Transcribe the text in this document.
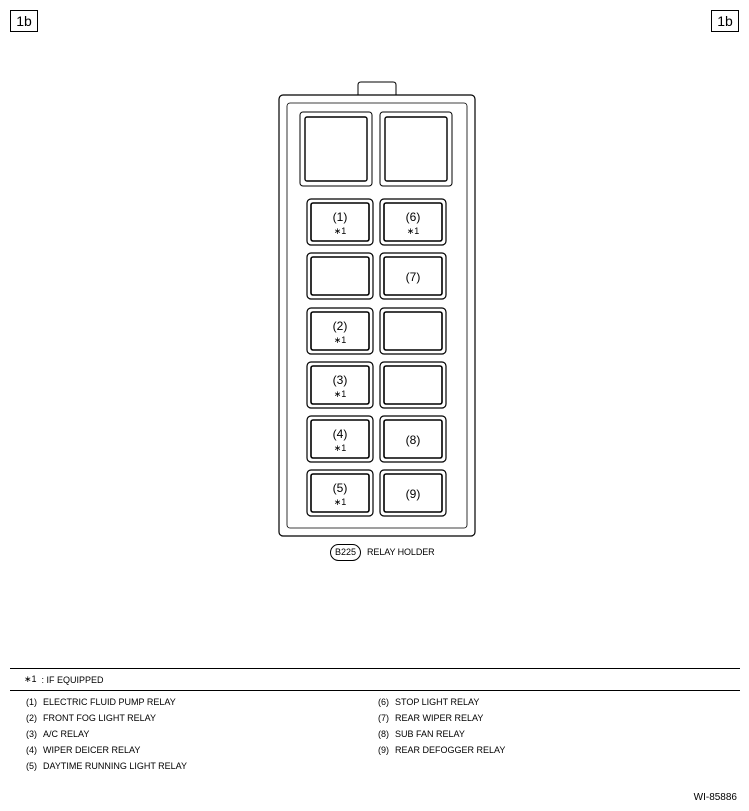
1b	1b
(1)
∗1
(6)
∗1
(7)
(2)
∗1
(3)
∗1
(4)
∗1
(8)
(5)
∗1
(9)
B225	RELAY HOLDER
∗1 : IF EQUIPPED
(1) ELECTRIC FLUID PUMP RELAY
(2) FRONT FOG LIGHT RELAY
(3) A/C RELAY
(4) WIPER DEICER RELAY
(5) DAYTIME RUNNING LIGHT RELAY
(6) STOP LIGHT RELAY
(7) REAR WIPER RELAY
(8) SUB FAN RELAY
(9) REAR DEFOGGER RELAY
WI-85886
